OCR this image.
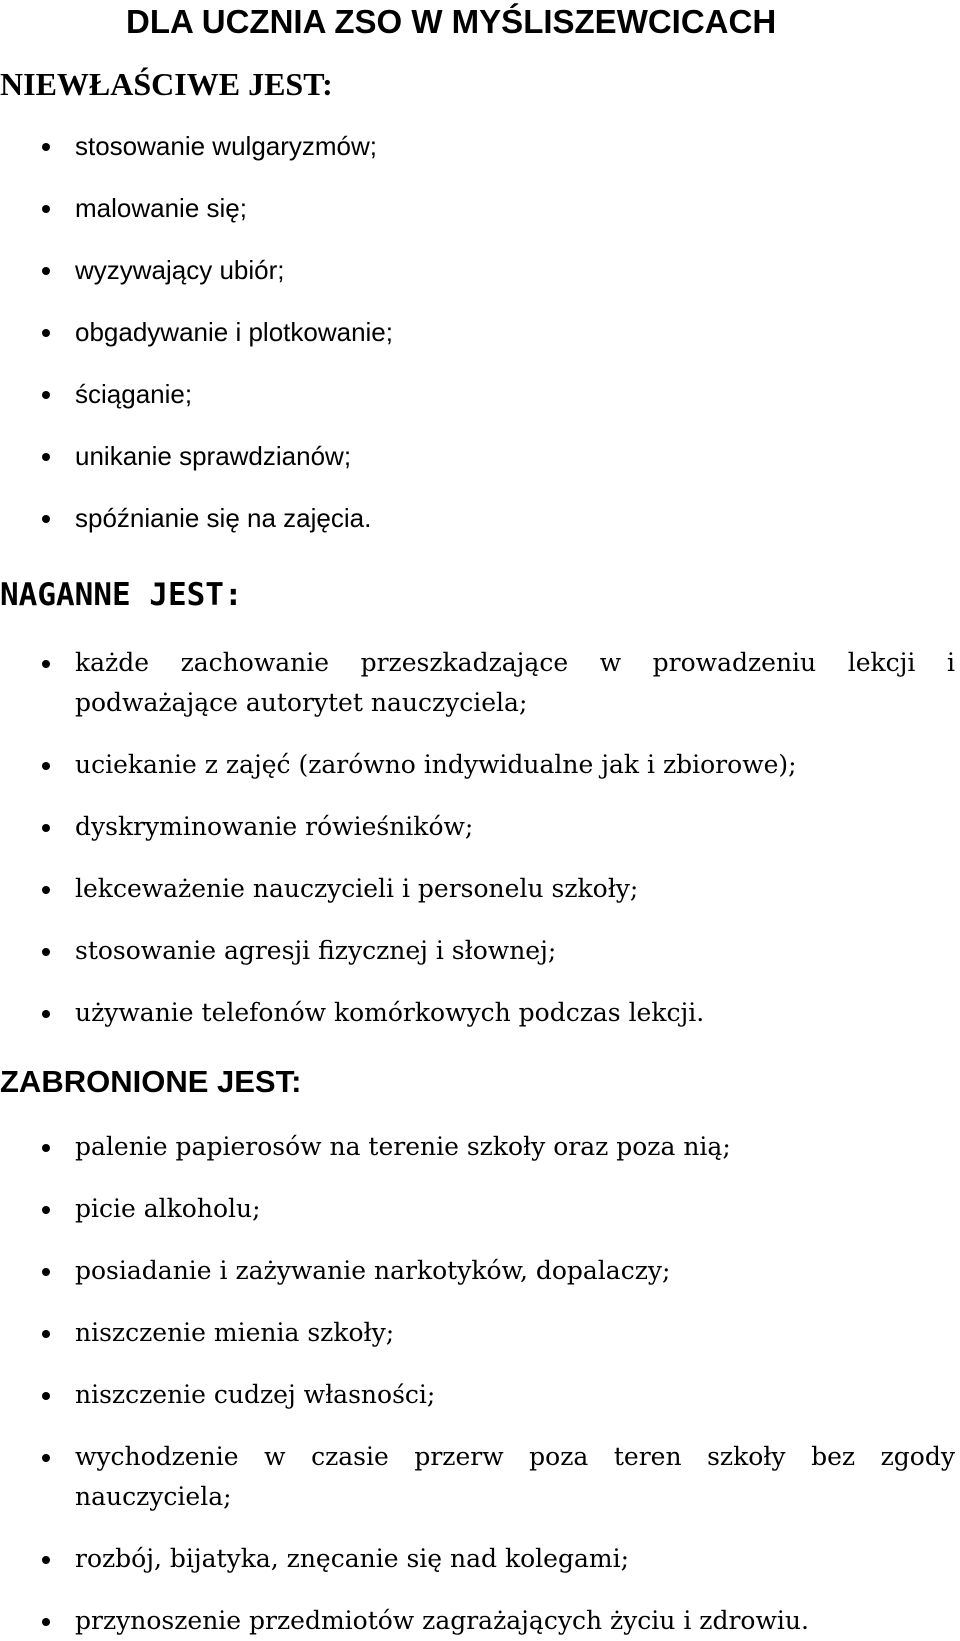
DLA UCZNIA ZSO W MYŚLISZEWCICACH
NIEWŁAŚCIWE JEST:
stosowanie wulgaryzmów;
malowanie się;
wyzywający ubiór;
obgadywanie i plotkowanie;
ściąganie;
unikanie sprawdzianów;
spóźnianie się na zajęcia.
NAGANNE JEST:
każde zachowanie przeszkadzające w prowadzeniu lekcji i podważające autorytet nauczyciela;
uciekanie z zajęć (zarówno indywidualne jak i zbiorowe);
dyskryminowanie rówieśników;
lekceważenie nauczycieli i personelu szkoły;
stosowanie agresji fizycznej i słownej;
używanie telefonów komórkowych podczas lekcji.
ZABRONIONE JEST:
palenie papierosów na terenie szkoły oraz poza nią;
picie alkoholu;
posiadanie i zażywanie narkotyków, dopalaczy;
niszczenie mienia szkoły;
niszczenie cudzej własności;
wychodzenie w czasie przerw poza teren szkoły bez zgody nauczyciela;
rozbój, bijatyka, znęcanie się nad kolegami;
przynoszenie przedmiotów zagrażających życiu i zdrowiu.
